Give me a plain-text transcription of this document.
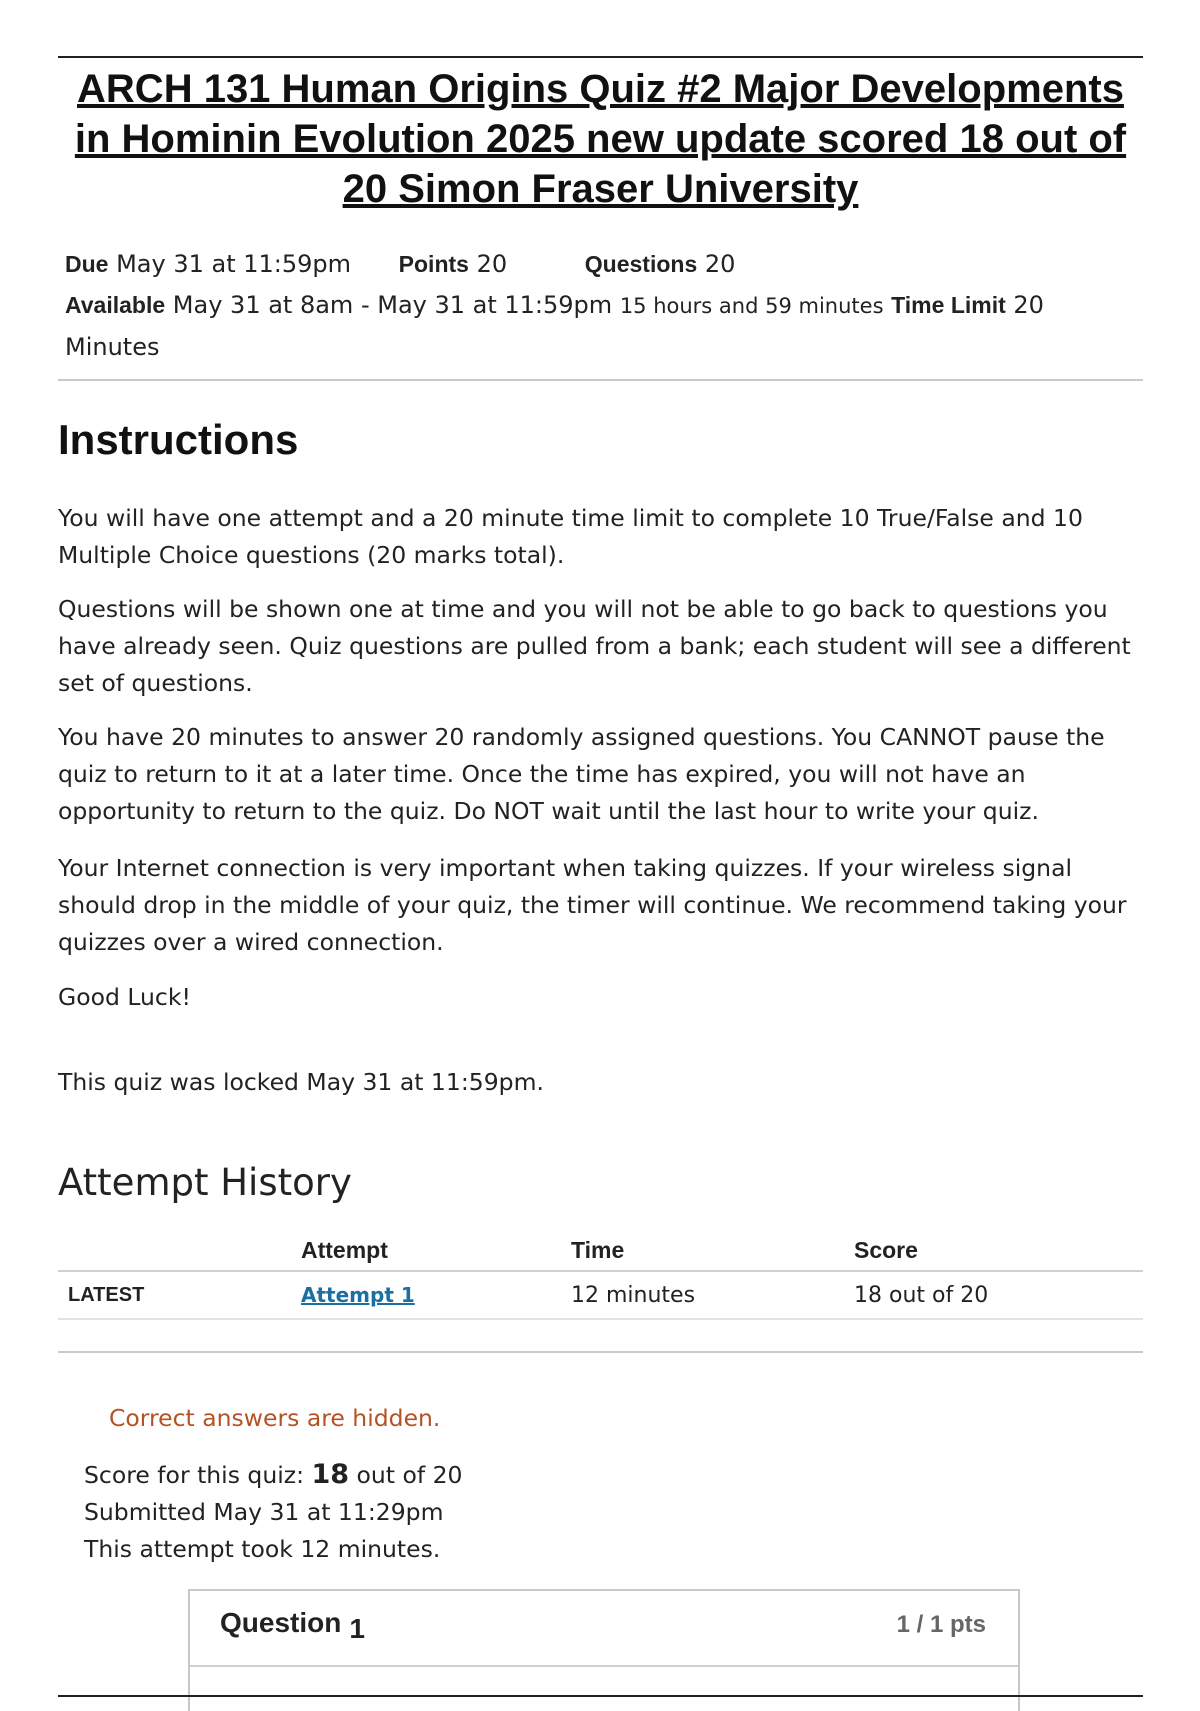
ARCH 131 Human Origins Quiz #2 Major Developments in Hominin Evolution 2025 new update scored 18 out of 20 Simon Fraser University
Due May 31 at 11:59pm Points 20	Questions 20
Available May 31 at 8am - May 31 at 11:59pm 15 hours and 59 minutes Time Limit 20 Minutes
Instructions

You will have one attempt and a 20 minute time limit to complete 10 True/False and 10 Multiple Choice questions (20 marks total).

Questions will be shown one at time and you will not be able to go back to questions you have already seen. Quiz questions are pulled from a bank; each student will see a different set of questions.

You have 20 minutes to answer 20 randomly assigned questions. You CANNOT pause the quiz to return to it at a later time. Once the time has expired, you will not have an opportunity to return to the quiz. Do NOT wait until the last hour to write your quiz.

Your Internet connection is very important when taking quizzes. If your wireless signal should drop in the middle of your quiz, the timer will continue. We recommend taking your quizzes over a wired connection.

Good Luck!

This quiz was locked May 31 at 11:59pm.

Attempt History
	Attempt	Time	Score
LATEST	Attempt 1	12 minutes	18 out of 20
Correct answers are hidden.

Score for this quiz: 18 out of 20 Submitted May 31 at 11:29pm This attempt took 12 minutes.

Question 1	1 / 1 pts
